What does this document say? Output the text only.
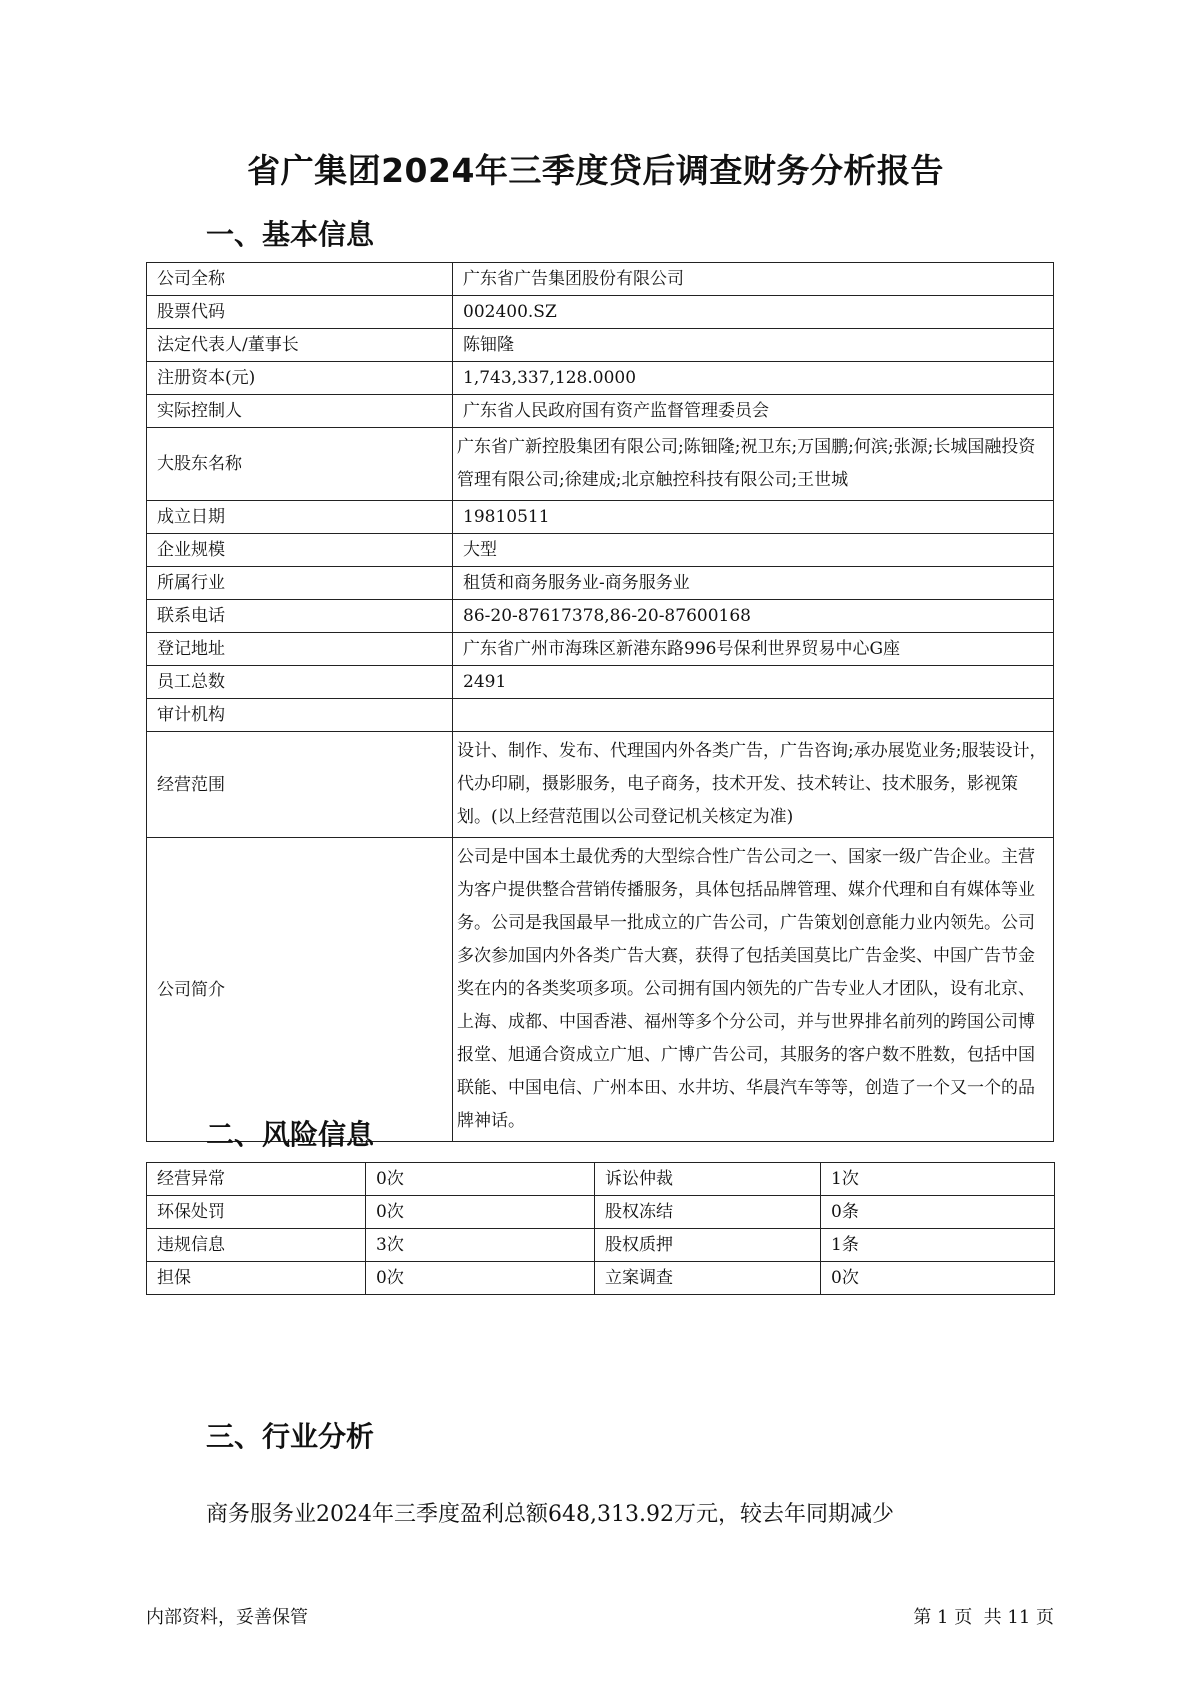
省广集团2024年三季度贷后调查财务分析报告
一、基本信息
公司全称	广东省广告集团股份有限公司
股票代码	002400.SZ
法定代表人/董事长	陈钿隆
注册资本(元)	1,743,337,128.0000
实际控制人	广东省人民政府国有资产监督管理委员会
大股东名称	广东省广新控股集团有限公司;陈钿隆;祝卫东;万国鹏;何滨;张源;长城国融投资管理有限公司;徐建成;北京触控科技有限公司;王世城
成立日期	19810511
企业规模	大型
所属行业	租赁和商务服务业-商务服务业
联系电话	86-20-87617378,86-20-87600168
登记地址	广东省广州市海珠区新港东路996号保利世界贸易中心G座
员工总数	2491
审计机构	
经营范围	设计、制作、发布、代理国内外各类广告，广告咨询;承办展览业务;服装设计，代办印刷，摄影服务，电子商务，技术开发、技术转让、技术服务，影视策划。(以上经营范围以公司登记机关核定为准)
公司简介	公司是中国本土最优秀的大型综合性广告公司之一、国家一级广告企业。主营为客户提供整合营销传播服务，具体包括品牌管理、媒介代理和自有媒体等业务。公司是我国最早一批成立的广告公司，广告策划创意能力业内领先。公司多次参加国内外各类广告大赛，获得了包括美国莫比广告金奖、中国广告节金奖在内的各类奖项多项。公司拥有国内领先的广告专业人才团队，设有北京、上海、成都、中国香港、福州等多个分公司，并与世界排名前列的跨国公司博报堂、旭通合资成立广旭、广博广告公司，其服务的客户数不胜数，包括中国联能、中国电信、广州本田、水井坊、华晨汽车等等，创造了一个又一个的品牌神话。
二、风险信息
经营异常	0次	诉讼仲裁	1次
环保处罚	0次	股权冻结	0条
违规信息	3次	股权质押	1条
担保	0次	立案调查	0次
三、行业分析
商务服务业2024年三季度盈利总额648,313.92万元，较去年同期减少
内部资料，妥善保管	第 1 页  共 11 页
